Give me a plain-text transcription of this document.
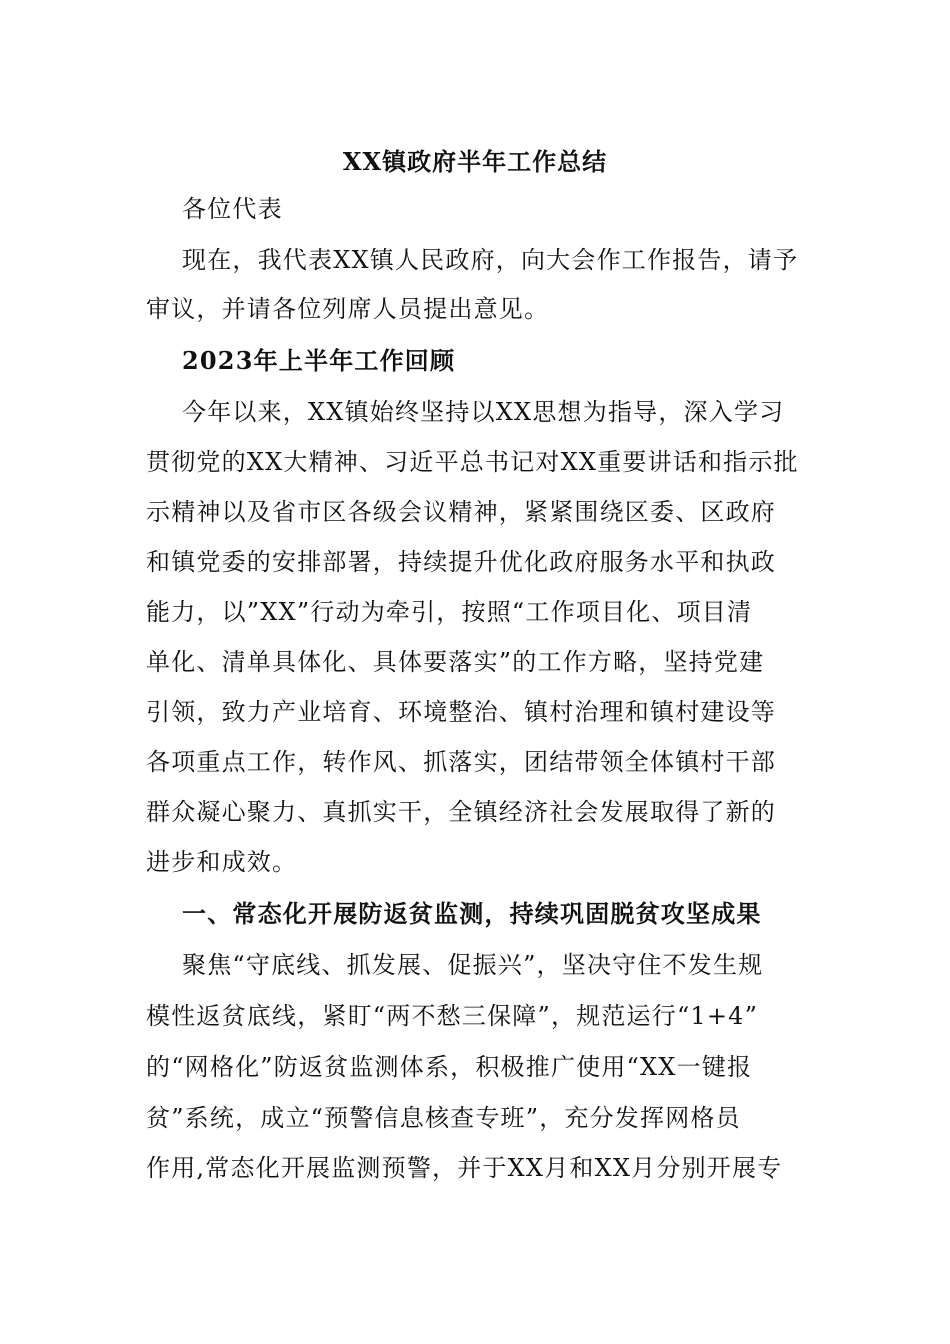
XX镇政府半年工作总结
各位代表
现在，我代表XX镇人民政府，向大会作工作报告，请予
审议，并请各位列席人员提出意见。
2023年上半年工作回顾
今年以来，XX镇始终坚持以XX思想为指导，深入学习
贯彻党的XX大精神、习近平总书记对XX重要讲话和指示批
示精神以及省市区各级会议精神，紧紧围绕区委、区政府
和镇党委的安排部署，持续提升优化政府服务水平和执政
能力，以”XX”行动为牵引，按照“工作项目化、项目清
单化、清单具体化、具体要落实”的工作方略，坚持党建
引领，致力产业培育、环境整治、镇村治理和镇村建设等
各项重点工作，转作风、抓落实，团结带领全体镇村干部
群众凝心聚力、真抓实干，全镇经济社会发展取得了新的
进步和成效。
一、常态化开展防返贫监测，持续巩固脱贫攻坚成果
聚焦“守底线、抓发展、促振兴”，坚决守住不发生规
模性返贫底线，紧盯“两不愁三保障”，规范运行“1+4”
的“网格化”防返贫监测体系，积极推广使用“XX一键报
贫”系统，成立“预警信息核查专班”，充分发挥网格员
作用,常态化开展监测预警，并于XX月和XX月分别开展专
